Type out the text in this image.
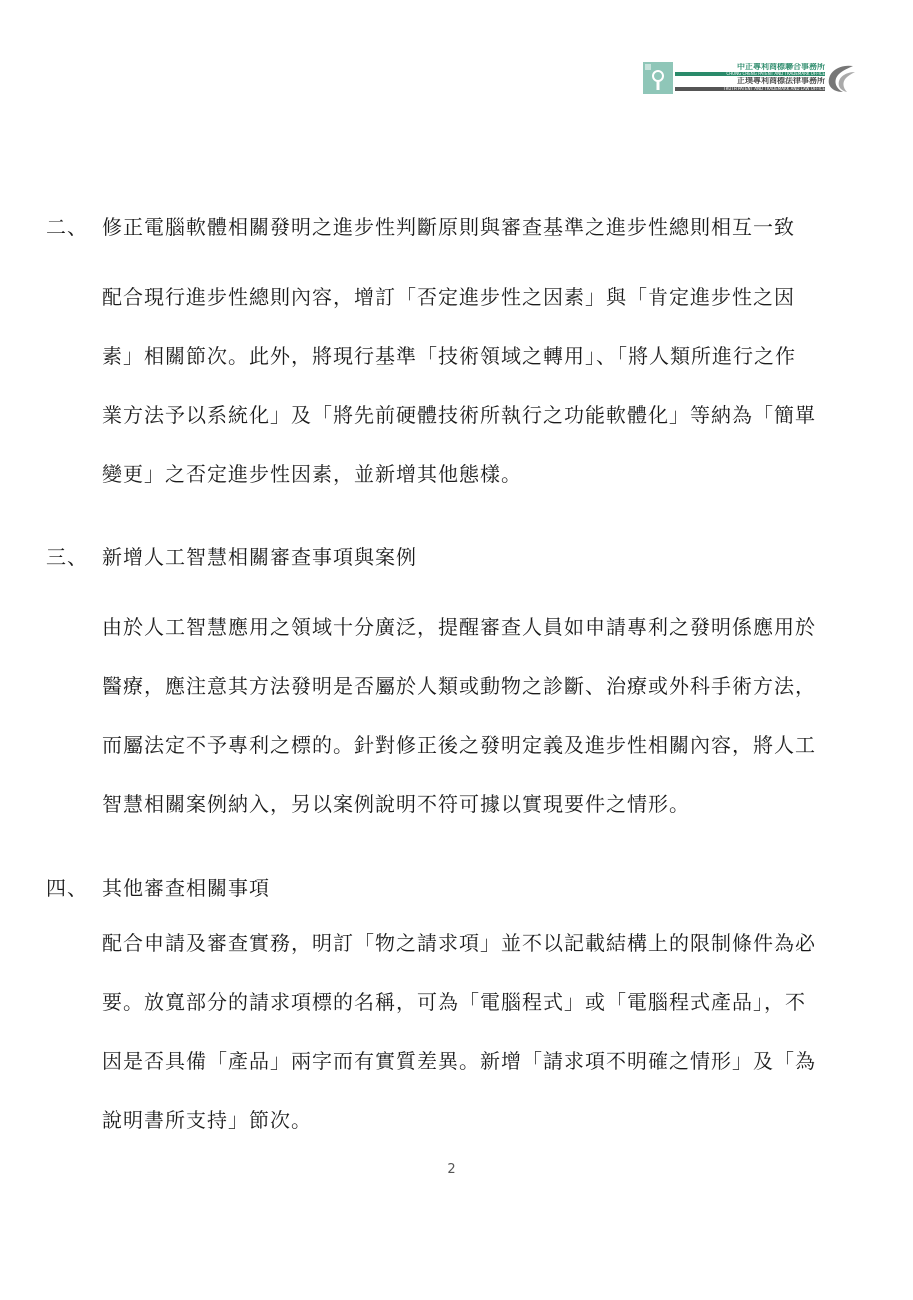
中正專利商標聯合事務所
CHUNG CHENG PATENT AND TRADEMARK OFFICE
正璞專利商標法律事務所
TRUTH PATENT AND TRADEMARK AND LAW OFFICE
二、 修正電腦軟體相關發明之進步性判斷原則與審查基準之進步性總則相互一致
配合現行進步性總則內容，增訂「否定進步性之因素」與「肯定進步性之因
素」相關節次。此外，將現行基準「技術領域之轉用」、「將人類所進行之作
業方法予以系統化」及「將先前硬體技術所執行之功能軟體化」等納為「簡單
變更」之否定進步性因素，並新增其他態樣。
三、 新增人工智慧相關審查事項與案例
由於人工智慧應用之領域十分廣泛，提醒審查人員如申請專利之發明係應用於
醫療，應注意其方法發明是否屬於人類或動物之診斷、治療或外科手術方法，
而屬法定不予專利之標的。針對修正後之發明定義及進步性相關內容，將人工
智慧相關案例納入，另以案例說明不符可據以實現要件之情形。
四、 其他審查相關事項
配合申請及審查實務，明訂「物之請求項」並不以記載結構上的限制條件為必
要。放寬部分的請求項標的名稱，可為「電腦程式」或「電腦程式產品」，不
因是否具備「產品」兩字而有實質差異。新增「請求項不明確之情形」及「為
說明書所支持」節次。
2
